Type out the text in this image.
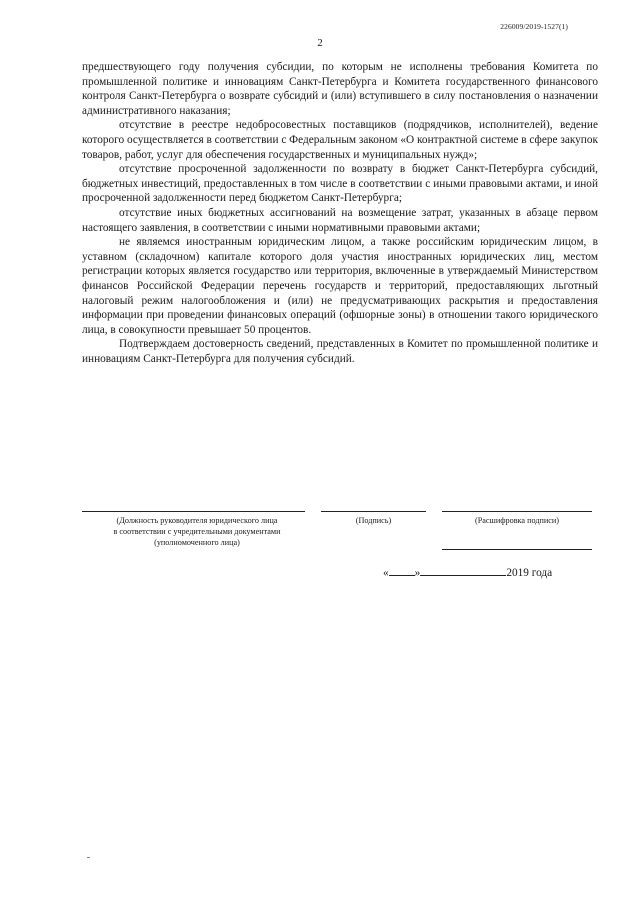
226009/2019-1527(1)
2

предшествующего году получения субсидии, по которым не исполнены требования Комитета по промышленной политике и инновациям Санкт-Петербурга и Комитета государственного финансового контроля Санкт-Петербурга о возврате субсидий и (или) вступившего в силу постановления о назначении административного наказания;

отсутствие в реестре недобросовестных поставщиков (подрядчиков, исполнителей), ведение которого осуществляется в соответствии с Федеральным законом «О контрактной системе в сфере закупок товаров, работ, услуг для обеспечения государственных и муниципальных нужд»;

отсутствие просроченной задолженности по возврату в бюджет Санкт-Петербурга субсидий, бюджетных инвестиций, предоставленных в том числе в соответствии с иными правовыми актами, и иной просроченной задолженности перед бюджетом Санкт-Петербурга;

отсутствие иных бюджетных ассигнований на возмещение затрат, указанных в абзаце первом настоящего заявления, в соответствии с иными нормативными правовыми актами;

не являемся иностранным юридическим лицом, а также российским юридическим лицом, в уставном (складочном) капитале которого доля участия иностранных юридических лиц, местом регистрации которых является государство или территория, включенные в утверждаемый Министерством финансов Российской Федерации перечень государств и территорий, предоставляющих льготный налоговый режим налогообложения и (или) не предусматривающих раскрытия и предоставления информации при проведении финансовых операций (офшорные зоны) в отношении такого юридического лица, в совокупности превышает 50 процентов.

Подтверждаем достоверность сведений, представленных в Комитет по промышленной политике и инновациям Санкт-Петербурга для получения субсидий.

(Должность руководителя юридического лица
в соответствии с учредительными документами
(уполномоченного лица)
(Подпись)	(Расшифровка подписи)
« »	2019 года
